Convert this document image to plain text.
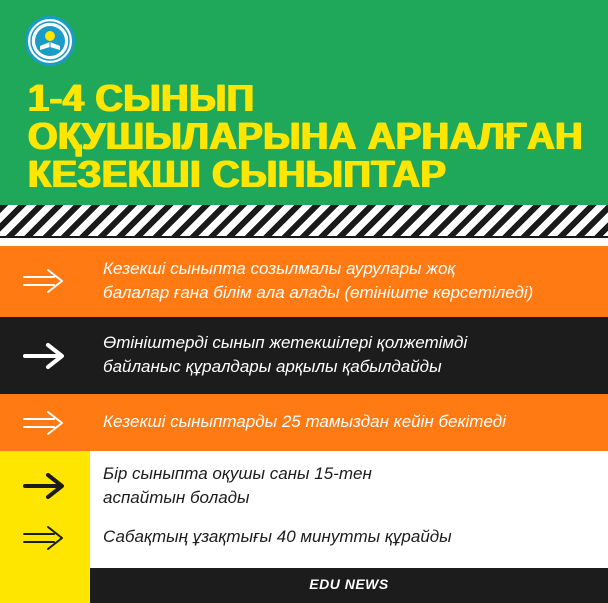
1-4 СЫНЫП
ОҚУШЫЛАРЫНА АРНАЛҒАН
КЕЗЕКШІ СЫНЫПТАР

Кезекші сыныпта созылмалы аурулары жоқ
балалар ғана білім ала алады (өтініште көрсетіледі)

Өтініштерді сынып жетекшілері қолжетімді
байланыс құралдары арқылы қабылдайды

Кезекші сыныптарды 25 тамыздан кейін бекітеді

Бір сыныпта оқушы саны 15-тен
аспайтын болады

Сабақтың ұзақтығы 40 минутты құрайды

EDU NEWS
